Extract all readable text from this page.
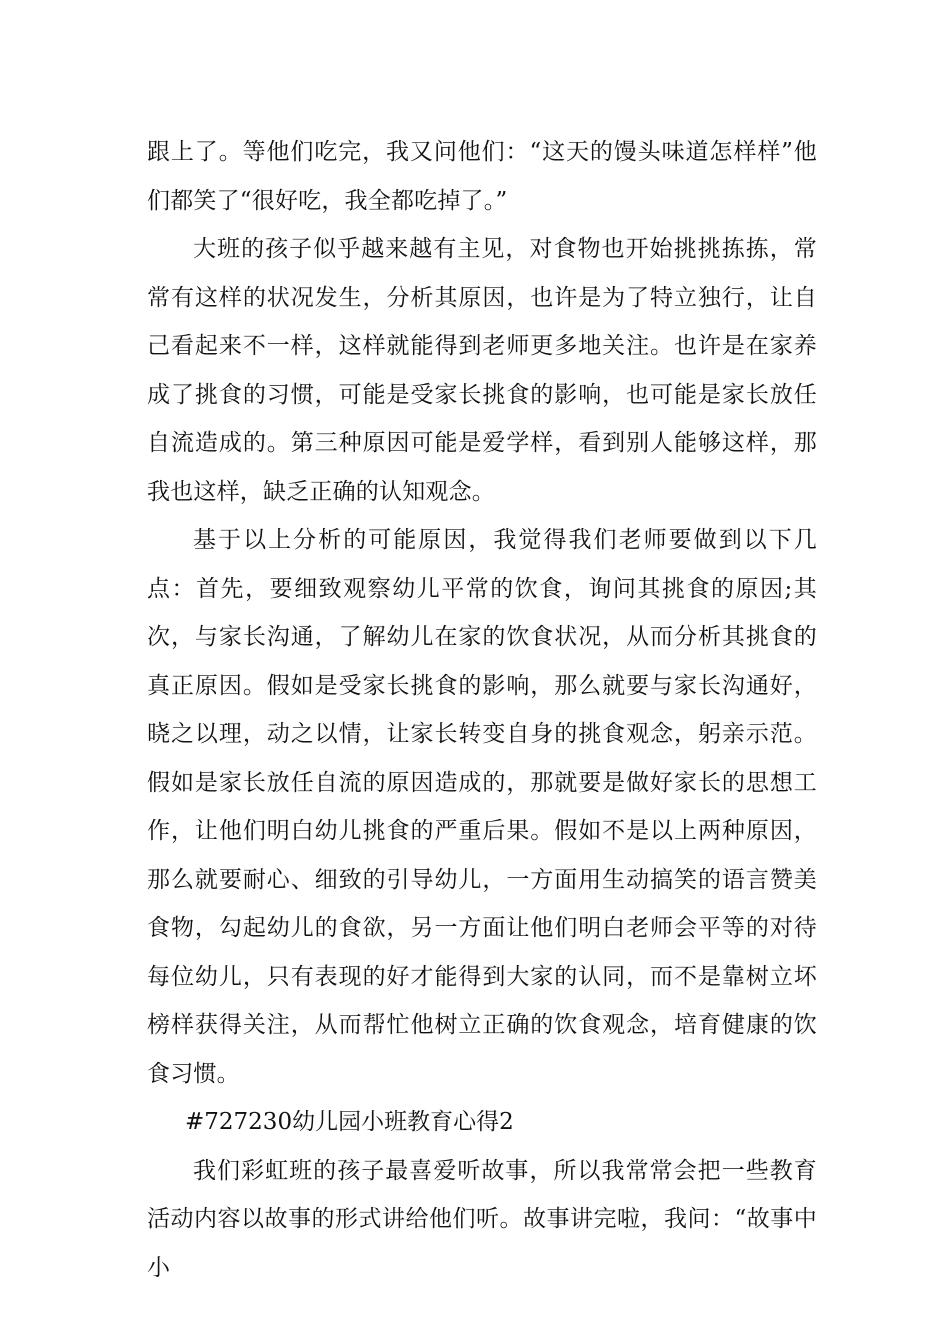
跟上了。等他们吃完，我又问他们：“这天的馒头味道怎样样”他们都笑了“很好吃，我全都吃掉了。”

大班的孩子似乎越来越有主见，对食物也开始挑挑拣拣，常常有这样的状况发生，分析其原因，也许是为了特立独行，让自己看起来不一样，这样就能得到老师更多地关注。也许是在家养成了挑食的习惯，可能是受家长挑食的影响，也可能是家长放任自流造成的。第三种原因可能是爱学样，看到别人能够这样，那我也这样，缺乏正确的认知观念。

基于以上分析的可能原因，我觉得我们老师要做到以下几点：首先，要细致观察幼儿平常的饮食，询问其挑食的原因;其次，与家长沟通，了解幼儿在家的饮食状况，从而分析其挑食的真正原因。假如是受家长挑食的影响，那么就要与家长沟通好，晓之以理，动之以情，让家长转变自身的挑食观念，躬亲示范。假如是家长放任自流的原因造成的，那就要是做好家长的思想工作，让他们明白幼儿挑食的严重后果。假如不是以上两种原因，那么就要耐心、细致的引导幼儿，一方面用生动搞笑的语言赞美食物，勾起幼儿的食欲，另一方面让他们明白老师会平等的对待每位幼儿，只有表现的好才能得到大家的认同，而不是靠树立坏榜样获得关注，从而帮忙他树立正确的饮食观念，培育健康的饮食习惯。

#727230幼儿园小班教育心得2

我们彩虹班的孩子最喜爱听故事，所以我常常会把一些教育活动内容以故事的形式讲给他们听。故事讲完啦，我问：“故事中小
